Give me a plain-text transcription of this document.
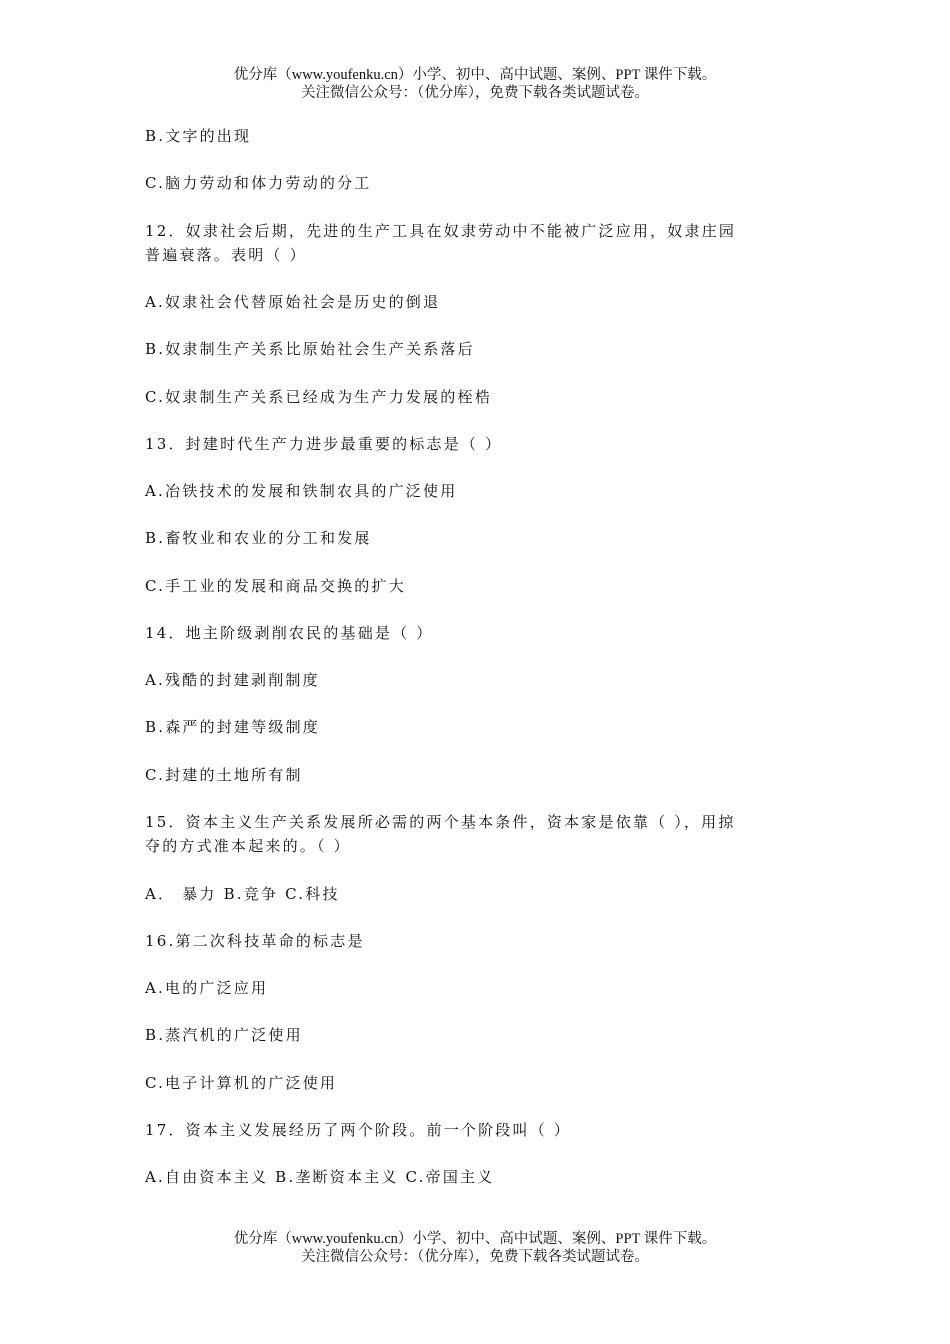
优分库（www.youfenku.cn）小学、初中、高中试题、案例、PPT 课件下载。
关注微信公众号：（优分库），免费下载各类试题试卷。
B.文字的出现
C.脑力劳动和体力劳动的分工
12．奴隶社会后期，先进的生产工具在奴隶劳动中不能被广泛应用，奴隶庄园
普遍衰落。表明（ ）
A.奴隶社会代替原始社会是历史的倒退
B.奴隶制生产关系比原始社会生产关系落后
C.奴隶制生产关系已经成为生产力发展的桎梏
13．封建时代生产力进步最重要的标志是（ ）
A.冶铁技术的发展和铁制农具的广泛使用
B.畜牧业和农业的分工和发展
C.手工业的发展和商品交换的扩大
14．地主阶级剥削农民的基础是（ ）
A.残酷的封建剥削制度
B.森严的封建等级制度
C.封建的土地所有制
15．资本主义生产关系发展所必需的两个基本条件，资本家是依靠（ ），用掠
夺的方式准本起来的。（ ）
A． 暴力 B.竞争 C.科技
16.第二次科技革命的标志是
A.电的广泛应用
B.蒸汽机的广泛使用
C.电子计算机的广泛使用
17．资本主义发展经历了两个阶段。前一个阶段叫（ ）
A.自由资本主义 B.垄断资本主义 C.帝国主义
优分库（www.youfenku.cn）小学、初中、高中试题、案例、PPT 课件下载。
关注微信公众号：（优分库），免费下载各类试题试卷。
